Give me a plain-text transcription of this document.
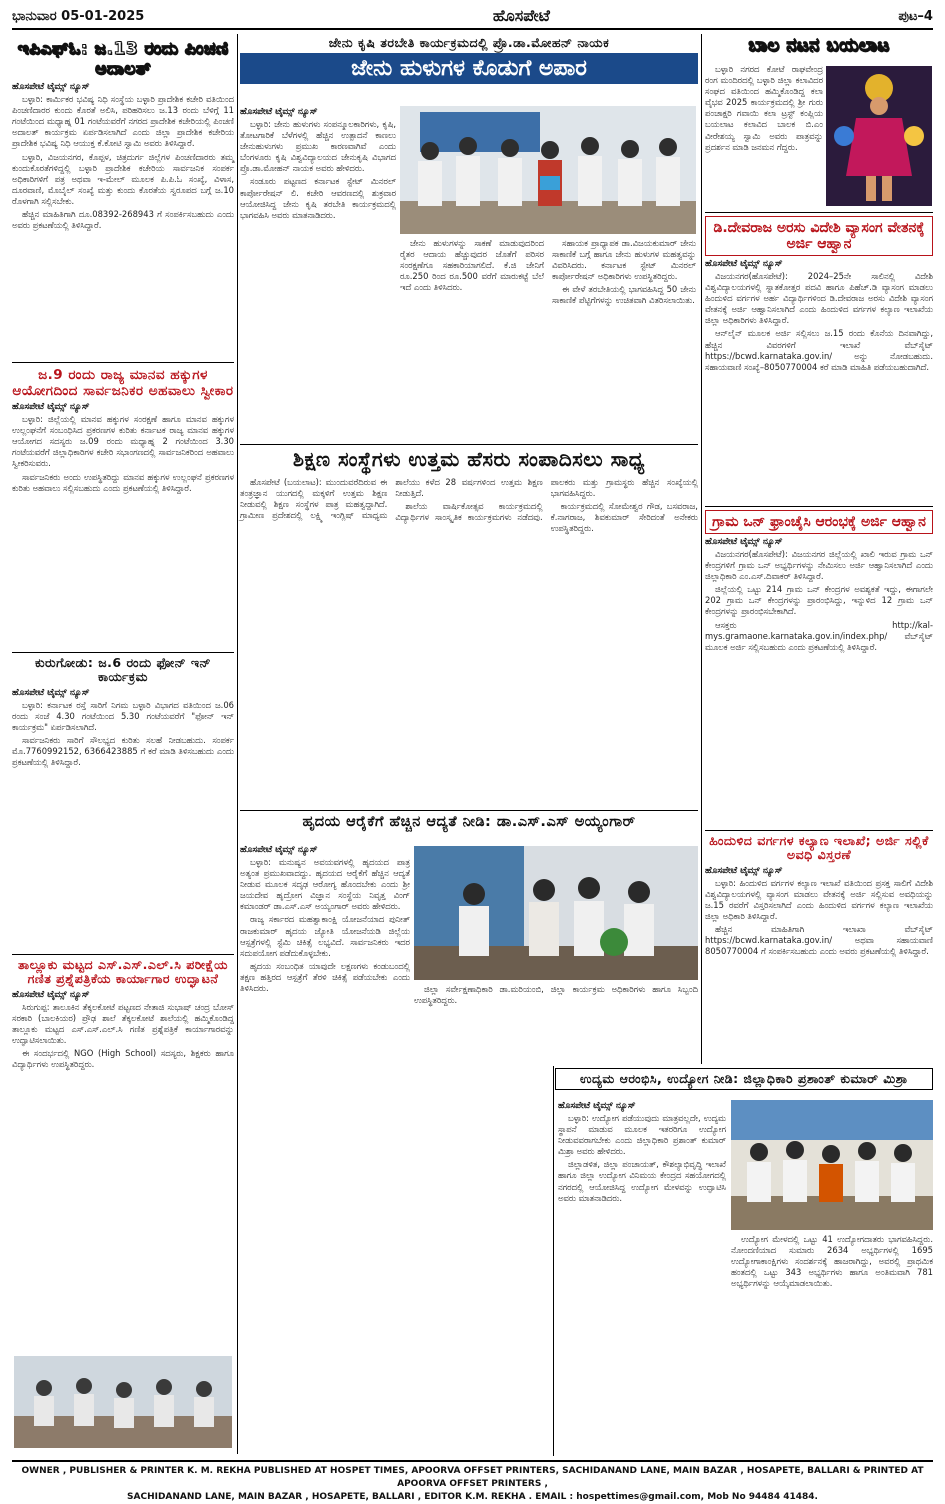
ಭಾನುವಾರ 05-01-2025	ಹೊಸಪೇಟೆ	ಪುಟ–4
ಇಪಿಎಫ್‌ಓ: ಜ.13 ರಂದು ಪಿಂಚಣಿ ಅದಾಲತ್
ಹೊಸಪೇಟೆ ಟೈಮ್ಸ್ ನ್ಯೂಸ್

ಬಳ್ಳಾರಿ: ಕಾರ್ಮಿಕರ ಭವಿಷ್ಯ ನಿಧಿ ಸಂಸ್ಥೆಯ ಬಳ್ಳಾರಿ ಪ್ರಾದೇಶಿಕ ಕಚೇರಿ ವತಿಯಿಂದ ಪಿಂಚಣಿದಾರರ ಕುಂದು ಕೊರತೆ ಅಲಿಸಿ, ಪರಿಹರಿಸಲು ಜ.13 ರಂದು ಬೆಳಿಗ್ಗೆ 11 ಗಂಟೆಯಿಂದ ಮಧ್ಯಾಹ್ನ 01 ಗಂಟೆಯವರೆಗೆ ನಗರದ ಪ್ರಾದೇಶಿಕ ಕಚೇರಿಯಲ್ಲಿ ಪಿಂಚಣಿ ಅದಾಲತ್ ಕಾರ್ಯಕ್ರಮ ಏರ್ಪಡಿಸಲಾಗಿದೆ ಎಂದು ಜಿಲ್ಲಾ ಪ್ರಾದೇಶಿಕ ಕಚೇರಿಯ ಪ್ರಾದೇಶಿಕ ಭವಿಷ್ಯ ನಿಧಿ ಆಯುಕ್ತ ಕೆ.ಕೋಟಿ ಸ್ವಾಮಿ ಅವರು ತಿಳಿಸಿದ್ದಾರೆ.

ಬಳ್ಳಾರಿ, ವಿಜಯನಗರ, ಕೊಪ್ಪಳ, ಚಿತ್ರದುರ್ಗ ಜಿಲ್ಲೆಗಳ ಪಿಂಚಣಿದಾರರು ತಮ್ಮ ಕುಂದುಕೊರತೆಗಳಿದ್ದಲ್ಲಿ ಬಳ್ಳಾರಿ ಪ್ರಾದೇಶಿಕ ಕಚೇರಿಯ ಸಾರ್ವಜನಿಕ ಸಂಪರ್ಕ ಅಧಿಕಾರಿಗಳಿಗೆ ಪತ್ರ ಅಥವಾ ಇ-ಮೇಲ್ ಮೂಲಕ ಪಿ.ಪಿ.ಓ ಸಂಖ್ಯೆ, ವಿಳಾಸ, ದೂರವಾಣಿ, ಮೊಬೈಲ್ ಸಂಖ್ಯೆ ಮತ್ತು ಕುಂದು ಕೊರತೆಯ ಸ್ವರೂಪದ ಬಗ್ಗೆ ಜ.10 ರೊಳಗಾಗಿ ಸಲ್ಲಿಸಬೇಕು.

ಹೆಚ್ಚಿನ ಮಾಹಿತಿಗಾಗಿ ದೂ.08392-268943 ಗೆ ಸಂಪರ್ಕಿಸಬಹುದು ಎಂದು ಅವರು ಪ್ರಕಟಣೆಯಲ್ಲಿ ತಿಳಿಸಿದ್ದಾರೆ.

ಜ.9 ರಂದು ರಾಜ್ಯ ಮಾನವ ಹಕ್ಕುಗಳ ಆಯೋಗದಿಂದ ಸಾರ್ವಜನಿಕರ ಅಹವಾಲು ಸ್ವೀಕಾರ
ಹೊಸಪೇಟೆ ಟೈಮ್ಸ್ ನ್ಯೂಸ್

ಬಳ್ಳಾರಿ: ಜಿಲ್ಲೆಯಲ್ಲಿ ಮಾನವ ಹಕ್ಕುಗಳ ಸಂರಕ್ಷಣೆ ಹಾಗೂ ಮಾನವ ಹಕ್ಕುಗಳ ಉಲ್ಲಂಘನೆಗೆ ಸಂಬಂಧಿಸಿದ ಪ್ರಕರಣಗಳ ಕುರಿತು ಕರ್ನಾಟಕ ರಾಜ್ಯ ಮಾನವ ಹಕ್ಕುಗಳ ಆಯೋಗದ ಸದಸ್ಯರು ಜ.09 ರಂದು ಮಧ್ಯಾಹ್ನ 2 ಗಂಟೆಯಿಂದ 3.30 ಗಂಟೆಯವರೆಗೆ ಜಿಲ್ಲಾಧಿಕಾರಿಗಳ ಕಚೇರಿ ಸಭಾಂಗಣದಲ್ಲಿ ಸಾರ್ವಜನಿಕರಿಂದ ಅಹವಾಲು ಸ್ವೀಕರಿಸುವರು.

ಸಾರ್ವಜನಿಕರು ಅಂದು ಉಪಸ್ಥಿತರಿದ್ದು ಮಾನವ ಹಕ್ಕುಗಳ ಉಲ್ಲಂಘನೆ ಪ್ರಕರಣಗಳ ಕುರಿತು ಅಹವಾಲು ಸಲ್ಲಿಸಬಹುದು ಎಂದು ಪ್ರಕಟಣೆಯಲ್ಲಿ ತಿಳಿಸಿದ್ದಾರೆ.

ಕುರುಗೋಡು: ಜ.6 ರಂದು ಫೋನ್ ಇನ್ ಕಾರ್ಯಕ್ರಮ
ಹೊಸಪೇಟೆ ಟೈಮ್ಸ್ ನ್ಯೂಸ್

ಬಳ್ಳಾರಿ: ಕರ್ನಾಟಕ ರಸ್ತೆ ಸಾರಿಗೆ ನಿಗಮ ಬಳ್ಳಾರಿ ವಿಭಾಗದ ವತಿಯಿಂದ ಜ.06 ರಂದು ಸಂಜೆ 4.30 ಗಂಟೆಯಿಂದ 5.30 ಗಂಟೆಯವರೆಗೆ "ಫೋನ್ ಇನ್ ಕಾರ್ಯಕ್ರಮ" ಏರ್ಪಡಿಸಲಾಗಿದೆ.

ಸಾರ್ವಜನಿಕರು ಸಾರಿಗೆ ಸೌಲಭ್ಯದ ಕುರಿತು ಸಲಹೆ ನೀಡಬಹುದು. ಸಂಪರ್ಕ ಮೊ.7760992152, 6366423885 ಗೆ ಕರೆ ಮಾಡಿ ತಿಳಿಸಬಹುದು ಎಂದು ಪ್ರಕಟಣೆಯಲ್ಲಿ ತಿಳಿಸಿದ್ದಾರೆ.

ತಾಲ್ಲೂಕು ಮಟ್ಟದ ಎಸ್.ಎಸ್.ಎಲ್.ಸಿ ಪರೀಕ್ಷೆಯ ಗಣಿತ ಪ್ರಶ್ನೆಪತ್ರಿಕೆಯ ಕಾರ್ಯಾಗಾರ ಉದ್ಘಾಟನೆ
ಹೊಸಪೇಟೆ ಟೈಮ್ಸ್ ನ್ಯೂಸ್

ಸಿರುಗುಪ್ಪ: ತಾಲೂಕಿನ ತೆಕ್ಕಲಕೋಟೆ ಪಟ್ಟಣದ ನೇತಾಜಿ ಸುಭಾಷ್ ಚಂದ್ರ ಬೋಸ್ ಸರಕಾರಿ (ಬಾಲಕಿಯರ) ಪ್ರೌಢ ಶಾಲೆ ತೆಕ್ಕಲಕೋಟೆ ಶಾಲೆಯಲ್ಲಿ ಹಮ್ಮಿಕೊಂಡಿದ್ದ ತಾಲ್ಲೂಕು ಮಟ್ಟದ ಎಸ್.ಎಸ್.ಎಲ್.ಸಿ ಗಣಿತ ಪ್ರಶ್ನೆಪತ್ರಿಕೆ ಕಾರ್ಯಾಗಾರವನ್ನು ಉದ್ಘಾಟಿಸಲಾಯಿತು.

ಈ ಸಂದರ್ಭದಲ್ಲಿ NGO (High School) ಸದಸ್ಯರು, ಶಿಕ್ಷಕರು ಹಾಗೂ ವಿದ್ಯಾರ್ಥಿಗಳು ಉಪಸ್ಥಿತರಿದ್ದರು.

ಜೇನು ಕೃಷಿ ತರಬೇತಿ ಕಾರ್ಯಕ್ರಮದಲ್ಲಿ ಪ್ರೊ.ಡಾ.ಮೋಹನ್ ನಾಯಕ
ಜೇನು ಹುಳುಗಳ ಕೊಡುಗೆ ಅಪಾರ
ಹೊಸಪೇಟೆ ಟೈಮ್ಸ್ ನ್ಯೂಸ್

ಬಳ್ಳಾರಿ: ಜೇನು ಹುಳುಗಳು ಸಂಪನ್ಮೂಲಕಾರಿಗಳು, ಕೃಷಿ, ತೋಟಗಾರಿಕೆ ಬೆಳೆಗಳಲ್ಲಿ ಹೆಚ್ಚಿನ ಉತ್ಪಾದನೆ ಕಾಣಲು ಜೇನುಹುಳುಗಳು ಪ್ರಮುಖ ಕಾರಣವಾಗಿವೆ ಎಂದು ಬೆಂಗಳೂರು ಕೃಷಿ ವಿಶ್ವವಿದ್ಯಾಲಯದ ಜೇನುಕೃಷಿ ವಿಭಾಗದ ಪ್ರೊ.ಡಾ.ಮೋಹನ್ ನಾಯಕ ಅವರು ಹೇಳಿದರು.

ಸಂಡೂರು ಪಟ್ಟಣದ ಕರ್ನಾಟಕ ಸ್ಟೇಟ್ ಮಿನರಲ್ ಕಾರ್ಪೋರೇಷನ್ ಲಿ. ಕಚೇರಿ ಆವರಣದಲ್ಲಿ ಶುಕ್ರವಾರ ಆಯೋಜಿಸಿದ್ದ ಜೇನು ಕೃಷಿ ತರಬೇತಿ ಕಾರ್ಯಕ್ರಮದಲ್ಲಿ ಭಾಗವಹಿಸಿ ಅವರು ಮಾತನಾಡಿದರು.

ಜೇನು ಹುಳುಗಳನ್ನು ಸಾಕಣೆ ಮಾಡುವುದರಿಂದ ರೈತರ ಆದಾಯ ಹೆಚ್ಚುವುದರ ಜೊತೆಗೆ ಪರಿಸರ ಸಂರಕ್ಷಣೆಗೂ ಸಹಕಾರಿಯಾಗಲಿದೆ. ಕೆ.ಜಿ ಜೇನಿಗೆ ರೂ.250 ರಿಂದ ರೂ.500 ವರೆಗೆ ಮಾರುಕಟ್ಟೆ ಬೆಲೆ ಇದೆ ಎಂದು ತಿಳಿಸಿದರು.

ಸಹಾಯಕ ಪ್ರಾಧ್ಯಾಪಕ ಡಾ.ವಿಜಯಕುಮಾರ್ ಜೇನು ಸಾಕಾಣಿಕೆ ಬಗ್ಗೆ ಹಾಗೂ ಜೇನು ಹುಳುಗಳ ಮಹತ್ವವನ್ನು ವಿವರಿಸಿದರು. ಕರ್ನಾಟಕ ಸ್ಟೇಟ್ ಮಿನರಲ್ ಕಾರ್ಪೋರೇಷನ್ ಅಧಿಕಾರಿಗಳು ಉಪಸ್ಥಿತರಿದ್ದರು.

ಈ ವೇಳೆ ತರಬೇತಿಯಲ್ಲಿ ಭಾಗವಹಿಸಿದ್ದ 50 ಜೇನು ಸಾಕಾಣಿಕೆ ಪೆಟ್ಟಿಗೆಗಳನ್ನು ಉಚಿತವಾಗಿ ವಿತರಿಸಲಾಯಿತು.

ಶಿಕ್ಷಣ ಸಂಸ್ಥೆಗಳು ಉತ್ತಮ ಹೆಸರು ಸಂಪಾದಿಸಲು ಸಾಧ್ಯ

ಹೊಸಪೇಟೆ (ಬಯಲಾಟ): ಮುಂದುವರೆದಿರುವ ಈ ತಂತ್ರಜ್ಞಾನ ಯುಗದಲ್ಲಿ ಮಕ್ಕಳಿಗೆ ಉತ್ತಮ ಶಿಕ್ಷಣ ನೀಡುವಲ್ಲಿ ಶಿಕ್ಷಣ ಸಂಸ್ಥೆಗಳ ಪಾತ್ರ ಮಹತ್ವದ್ದಾಗಿದೆ. ಗ್ರಾಮೀಣ ಪ್ರದೇಶದಲ್ಲಿ ಲಕ್ಷ್ಮಿ ಇಂಗ್ಲಿಷ್ ಮಾಧ್ಯಮ ಶಾಲೆಯು ಕಳೆದ 28 ವರ್ಷಗಳಿಂದ ಉತ್ತಮ ಶಿಕ್ಷಣ ನೀಡುತ್ತಿದೆ.

ಶಾಲೆಯ ವಾರ್ಷಿಕೋತ್ಸವ ಕಾರ್ಯಕ್ರಮದಲ್ಲಿ ವಿದ್ಯಾರ್ಥಿಗಳ ಸಾಂಸ್ಕೃತಿಕ ಕಾರ್ಯಕ್ರಮಗಳು ನಡೆದವು. ಪಾಲಕರು ಮತ್ತು ಗ್ರಾಮಸ್ಥರು ಹೆಚ್ಚಿನ ಸಂಖ್ಯೆಯಲ್ಲಿ ಭಾಗವಹಿಸಿದ್ದರು.

ಕಾರ್ಯಕ್ರಮದಲ್ಲಿ ಸೋಮೇಶ್ವರ ಗೌಡ, ಬಸವರಾಜ, ಕೆ.ನಾಗರಾಜ, ಶಿವಕುಮಾರ್ ಸೇರಿದಂತೆ ಅನೇಕರು ಉಪಸ್ಥಿತರಿದ್ದರು.

ಹೃದಯ ಆರೈಕೆಗೆ ಹೆಚ್ಚಿನ ಆದ್ಯತೆ ನೀಡಿ: ಡಾ.ಎಸ್.ಎಸ್ ಅಯ್ಯಂಗಾರ್
ಹೊಸಪೇಟೆ ಟೈಮ್ಸ್ ನ್ಯೂಸ್

ಬಳ್ಳಾರಿ: ಮನುಷ್ಯನ ಅವಯವಗಳಲ್ಲಿ ಹೃದಯದ ಪಾತ್ರ ಅತ್ಯಂತ ಪ್ರಮುಖವಾದದ್ದು. ಹೃದಯದ ಆರೈಕೆಗೆ ಹೆಚ್ಚಿನ ಆದ್ಯತೆ ನೀಡುವ ಮೂಲಕ ಸದೃಢ ಆರೋಗ್ಯ ಹೊಂದಬೇಕು ಎಂದು ಶ್ರೀ ಜಯದೇವ ಹೃದ್ರೋಗ ವಿಜ್ಞಾನ ಸಂಸ್ಥೆಯ ನಿವೃತ್ತ ವಿಂಗ್ ಕಮಾಂಡರ್ ಡಾ.ಎಸ್.ಎಸ್ ಅಯ್ಯಂಗಾರ್ ಅವರು ಹೇಳಿದರು.

ರಾಜ್ಯ ಸರ್ಕಾರದ ಮಹತ್ವಾಕಾಂಕ್ಷಿ ಯೋಜನೆಯಾದ ಪುನೀತ್ ರಾಜಕುಮಾರ್ ಹೃದಯ ಜ್ಯೋತಿ ಯೋಜನೆಯಡಿ ಜಿಲ್ಲೆಯ ಆಸ್ಪತ್ರೆಗಳಲ್ಲಿ ಸ್ಟೆಮಿ ಚಿಕಿತ್ಸೆ ಲಭ್ಯವಿದೆ. ಸಾರ್ವಜನಿಕರು ಇದರ ಸದುಪಯೋಗ ಪಡೆದುಕೊಳ್ಳಬೇಕು.

ಹೃದಯ ಸಂಬಂಧಿತ ಯಾವುದೇ ಲಕ್ಷಣಗಳು ಕಂಡುಬಂದಲ್ಲಿ ತಕ್ಷಣ ಹತ್ತಿರದ ಆಸ್ಪತ್ರೆಗೆ ತೆರಳಿ ಚಿಕಿತ್ಸೆ ಪಡೆಯಬೇಕು ಎಂದು ತಿಳಿಸಿದರು.	ಜಿಲ್ಲಾ ಸರ್ವೇಕ್ಷಣಾಧಿಕಾರಿ ಡಾ.ಮರಿಯಂಬಿ, ಜಿಲ್ಲಾ ಕಾರ್ಯಕ್ರಮ ಅಧಿಕಾರಿಗಳು ಹಾಗೂ ಸಿಬ್ಬಂದಿ ಉಪಸ್ಥಿತರಿದ್ದರು.

ಬಾಲ ನಟನ ಬಯಲಾಟ

ಬಳ್ಳಾರಿ ನಗರದ ಕೋಟೆ ರಾಘವೇಂದ್ರ ರಂಗ ಮಂದಿರದಲ್ಲಿ ಬಳ್ಳಾರಿ ಜಿಲ್ಲಾ ಕಲಾವಿದರ ಸಂಘದ ವತಿಯಿಂದ ಹಮ್ಮಿಕೊಂಡಿದ್ದ ಕಲಾ ವೈಭವ 2025 ಕಾರ್ಯಕ್ರಮದಲ್ಲಿ ಶ್ರೀ ಗುರು ಪಂಚಾಕ್ಷರಿ ಗವಾಯಿ ಕಲಾ ಟ್ರಸ್ಟ್ ಕಂಪ್ಲಿಯ ಬಯಲಾಟ ಕಲಾವಿದ ಬಾಲಕ ಬಿ.ಎಂ ವೀರೇಶಯ್ಯ ಸ್ವಾಮಿ ಅವರು ಪಾತ್ರವನ್ನು ಪ್ರದರ್ಶನ ಮಾಡಿ ಜನಮನ ಗೆದ್ದರು.

ಡಿ.ದೇವರಾಜ ಅರಸು ವಿದೇಶಿ ವ್ಯಾಸಂಗ ವೇತನಕ್ಕೆ ಅರ್ಜಿ ಆಹ್ವಾನ
ಹೊಸಪೇಟೆ ಟೈಮ್ಸ್ ನ್ಯೂಸ್

ವಿಜಯನಗರ(ಹೊಸಪೇಟೆ): 2024–25ನೇ ಸಾಲಿನಲ್ಲಿ ವಿದೇಶಿ ವಿಶ್ವವಿದ್ಯಾಲಯಗಳಲ್ಲಿ ಸ್ನಾತಕೋತ್ತರ ಪದವಿ ಹಾಗೂ ಪಿಹೆಚ್.ಡಿ ವ್ಯಾಸಂಗ ಮಾಡಲು ಹಿಂದುಳಿದ ವರ್ಗಗಳ ಅರ್ಹ ವಿದ್ಯಾರ್ಥಿಗಳಿಂದ ಡಿ.ದೇವರಾಜ ಅರಸು ವಿದೇಶಿ ವ್ಯಾಸಂಗ ವೇತನಕ್ಕೆ ಅರ್ಜಿ ಆಹ್ವಾನಿಸಲಾಗಿದೆ ಎಂದು ಹಿಂದುಳಿದ ವರ್ಗಗಳ ಕಲ್ಯಾಣ ಇಲಾಖೆಯ ಜಿಲ್ಲಾ ಅಧಿಕಾರಿಗಳು ತಿಳಿಸಿದ್ದಾರೆ.

ಆನ್‌ಲೈನ್ ಮೂಲಕ ಅರ್ಜಿ ಸಲ್ಲಿಸಲು ಜ.15 ರಂದು ಕೊನೆಯ ದಿನವಾಗಿದ್ದು, ಹೆಚ್ಚಿನ ವಿವರಗಳಿಗೆ ಇಲಾಖೆ ವೆಬ್‌ಸೈಟ್ https://bcwd.karnataka.gov.in/ ಅನ್ನು ನೋಡಬಹುದು. ಸಹಾಯವಾಣಿ ಸಂಖ್ಯೆ–8050770004 ಕರೆ ಮಾಡಿ ಮಾಹಿತಿ ಪಡೆಯಬಹುದಾಗಿದೆ.

ಗ್ರಾಮ ಒನ್ ಫ್ರಾಂಚೈಸಿ ಆರಂಭಕ್ಕೆ ಅರ್ಜಿ ಆಹ್ವಾನ
ಹೊಸಪೇಟೆ ಟೈಮ್ಸ್ ನ್ಯೂಸ್

ವಿಜಯನಗರ(ಹೊಸಪೇಟೆ): ವಿಜಯನಗರ ಜಿಲ್ಲೆಯಲ್ಲಿ ಖಾಲಿ ಇರುವ ಗ್ರಾಮ ಒನ್ ಕೇಂದ್ರಗಳಿಗೆ ಗ್ರಾಮ ಒನ್ ಅಭ್ಯರ್ಥಿಗಳನ್ನು ನೇಮಿಸಲು ಅರ್ಜಿ ಆಹ್ವಾನಿಸಲಾಗಿದೆ ಎಂದು ಜಿಲ್ಲಾಧಿಕಾರಿ ಎಂ.ಎಸ್.ದಿವಾಕರ್ ತಿಳಿಸಿದ್ದಾರೆ.

ಜಿಲ್ಲೆಯಲ್ಲಿ ಒಟ್ಟು 214 ಗ್ರಾಮ ಒನ್ ಕೇಂದ್ರಗಳ ಅವಶ್ಯಕತೆ ಇದ್ದು, ಈಗಾಗಲೇ 202 ಗ್ರಾಮ ಒನ್ ಕೇಂದ್ರಗಳನ್ನು ಪ್ರಾರಂಭಿಸಿದ್ದು, ಇನ್ನುಳಿದ 12 ಗ್ರಾಮ ಒನ್ ಕೇಂದ್ರಗಳನ್ನು ಪ್ರಾರಂಭಿಸಬೇಕಾಗಿದೆ.

ಆಸಕ್ತರು http://kal-mys.gramaone.karnataka.gov.in/index.php/ ವೆಬ್‌ಸೈಟ್ ಮೂಲಕ ಅರ್ಜಿ ಸಲ್ಲಿಸಬಹುದು ಎಂದು ಪ್ರಕಟಣೆಯಲ್ಲಿ ತಿಳಿಸಿದ್ದಾರೆ.

ಹಿಂದುಳಿದ ವರ್ಗಗಳ ಕಲ್ಯಾಣ ಇಲಾಖೆ; ಅರ್ಜಿ ಸಲ್ಲಿಕೆ ಅವಧಿ ವಿಸ್ತರಣೆ
ಹೊಸಪೇಟೆ ಟೈಮ್ಸ್ ನ್ಯೂಸ್

ಬಳ್ಳಾರಿ: ಹಿಂದುಳಿದ ವರ್ಗಗಳ ಕಲ್ಯಾಣ ಇಲಾಖೆ ವತಿಯಿಂದ ಪ್ರಸಕ್ತ ಸಾಲಿಗೆ ವಿದೇಶಿ ವಿಶ್ವವಿದ್ಯಾಲಯಗಳಲ್ಲಿ ವ್ಯಾಸಂಗ ಮಾಡಲು ವೇತನಕ್ಕೆ ಅರ್ಜಿ ಸಲ್ಲಿಸುವ ಅವಧಿಯನ್ನು ಜ.15 ರವರೆಗೆ ವಿಸ್ತರಿಸಲಾಗಿದೆ ಎಂದು ಹಿಂದುಳಿದ ವರ್ಗಗಳ ಕಲ್ಯಾಣ ಇಲಾಖೆಯ ಜಿಲ್ಲಾ ಅಧಿಕಾರಿ ತಿಳಿಸಿದ್ದಾರೆ.

ಹೆಚ್ಚಿನ ಮಾಹಿತಿಗಾಗಿ ಇಲಾಖಾ ವೆಬ್‌ಸೈಟ್ https://bcwd.karnataka.gov.in/ ಅಥವಾ ಸಹಾಯವಾಣಿ 8050770004 ಗೆ ಸಂಪರ್ಕಿಸಬಹುದು ಎಂದು ಅವರು ಪ್ರಕಟಣೆಯಲ್ಲಿ ತಿಳಿಸಿದ್ದಾರೆ.

ಉದ್ಯಮ ಆರಂಭಿಸಿ, ಉದ್ಯೋಗ ನೀಡಿ: ಜಿಲ್ಲಾಧಿಕಾರಿ ಪ್ರಶಾಂತ್ ಕುಮಾರ್ ಮಿಶ್ರಾ
ಹೊಸಪೇಟೆ ಟೈಮ್ಸ್ ನ್ಯೂಸ್

ಬಳ್ಳಾರಿ: ಉದ್ಯೋಗ ಪಡೆಯುವುದು ಮಾತ್ರವಲ್ಲದೇ, ಉದ್ಯಮ ಸ್ಥಾಪನೆ ಮಾಡುವ ಮೂಲಕ ಇತರರಿಗೂ ಉದ್ಯೋಗ ನೀಡುವವರಾಗಬೇಕು ಎಂದು ಜಿಲ್ಲಾಧಿಕಾರಿ ಪ್ರಶಾಂತ್ ಕುಮಾರ್ ಮಿಶ್ರಾ ಅವರು ಹೇಳಿದರು.

ಜಿಲ್ಲಾಡಳಿತ, ಜಿಲ್ಲಾ ಪಂಚಾಯತ್, ಕೌಶಲ್ಯಾಭಿವೃದ್ಧಿ ಇಲಾಖೆ ಹಾಗೂ ಜಿಲ್ಲಾ ಉದ್ಯೋಗ ವಿನಿಮಯ ಕೇಂದ್ರದ ಸಹಯೋಗದಲ್ಲಿ ನಗರದಲ್ಲಿ ಆಯೋಜಿಸಿದ್ದ ಉದ್ಯೋಗ ಮೇಳವನ್ನು ಉದ್ಘಾಟಿಸಿ ಅವರು ಮಾತನಾಡಿದರು.

ಉದ್ಯೋಗ ಮೇಳದಲ್ಲಿ ಒಟ್ಟು 41 ಉದ್ಯೋಗದಾತರು ಭಾಗವಹಿಸಿದ್ದರು. ನೋಂದಣಿಯಾದ ಸುಮಾರು 2634 ಅಭ್ಯರ್ಥಿಗಳಲ್ಲಿ 1695 ಉದ್ಯೋಗಾಕಾಂಕ್ಷಿಗಳು ಸಂದರ್ಶನಕ್ಕೆ ಹಾಜರಾಗಿದ್ದು, ಅವರಲ್ಲಿ ಪ್ರಾಥಮಿಕ ಹಂತದಲ್ಲಿ ಒಟ್ಟು 343 ಅಭ್ಯರ್ಥಿಗಳು ಹಾಗೂ ಅಂತಿಮವಾಗಿ 781 ಅಭ್ಯರ್ಥಿಗಳನ್ನು ಆಯ್ಕೆಮಾಡಲಾಯಿತು.

OWNER , PUBLISHER & PRINTER K. M. REKHA PUBLISHED AT HOSPET TIMES, APOORVA OFFSET PRINTERS, SACHIDANAND LANE, MAIN BAZAR , HOSAPETE, BALLARI & PRINTED AT APOORVA OFFSET PRINTERS ,
SACHIDANAND LANE, MAIN BAZAR , HOSAPETE, BALLARI , EDITOR K.M. REKHA . EMAIL : hospettimes@gmail.com, Mob No 94484 41484.
